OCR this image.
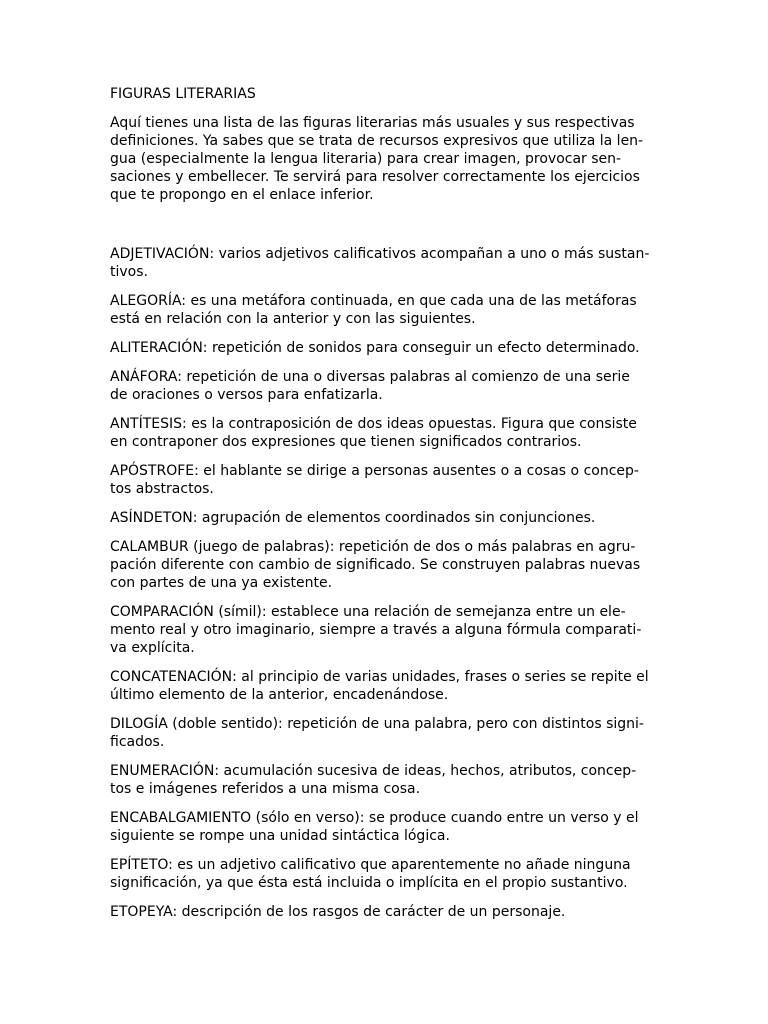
FIGURAS LITERARIAS

Aquí tienes una lista de las figuras literarias más usuales y sus respectivas
definiciones. Ya sabes que se trata de recursos expresivos que utiliza la len-
gua (especialmente la lengua literaria) para crear imagen, provocar sen-
saciones y embellecer. Te servirá para resolver correctamente los ejercicios
que te propongo en el enlace inferior.

ADJETIVACIÓN: varios adjetivos calificativos acompañan a uno o más sustan-
tivos.

ALEGORÍA: es una metáfora continuada, en que cada una de las metáforas
está en relación con la anterior y con las siguientes.

ALITERACIÓN: repetición de sonidos para conseguir un efecto determinado.

ANÁFORA: repetición de una o diversas palabras al comienzo de una serie
de oraciones o versos para enfatizarla.

ANTÍTESIS: es la contraposición de dos ideas opuestas. Figura que consiste
en contraponer dos expresiones que tienen significados contrarios.

APÓSTROFE: el hablante se dirige a personas ausentes o a cosas o concep-
tos abstractos.

ASÍNDETON: agrupación de elementos coordinados sin conjunciones.

CALAMBUR (juego de palabras): repetición de dos o más palabras en agru-
pación diferente con cambio de significado. Se construyen palabras nuevas
con partes de una ya existente.

COMPARACIÓN (símil): establece una relación de semejanza entre un ele-
mento real y otro imaginario, siempre a través a alguna fórmula comparati-
va explícita.

CONCATENACIÓN: al principio de varias unidades, frases o series se repite el
último elemento de la anterior, encadenándose.

DILOGÍA (doble sentido): repetición de una palabra, pero con distintos signi-
ficados.

ENUMERACIÓN: acumulación sucesiva de ideas, hechos, atributos, concep-
tos e imágenes referidos a una misma cosa.

ENCABALGAMIENTO (sólo en verso): se produce cuando entre un verso y el
siguiente se rompe una unidad sintáctica lógica.

EPÍTETO: es un adjetivo calificativo que aparentemente no añade ninguna
significación, ya que ésta está incluida o implícita en el propio sustantivo.

ETOPEYA: descripción de los rasgos de carácter de un personaje.
